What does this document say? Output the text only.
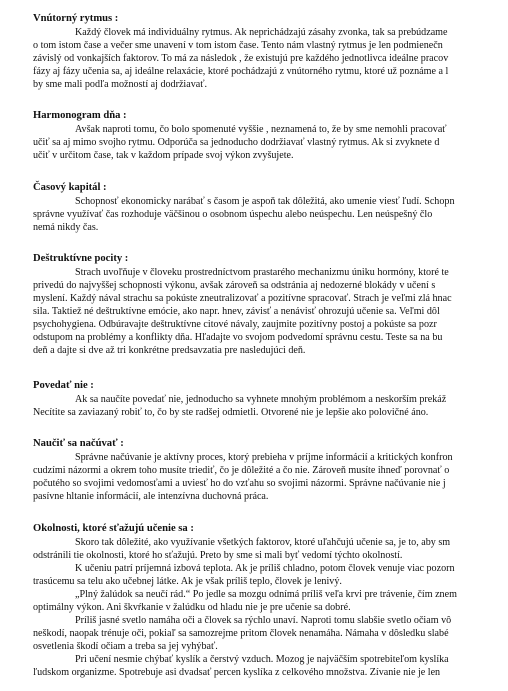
Vnútorný rytmus :

Každý človek má individuálny rytmus. Ak neprichádzajú zásahy zvonka, tak sa prebúdzame

o tom istom čase a večer sme unavení v tom istom čase. Tento nám vlastný rytmus je len podmienečn

závislý od vonkajších faktorov. To má za následok , že existujú pre každého jednotlivca ideálne pracov

fázy aj fázy učenia sa, aj ideálne relaxácie, ktoré pochádzajú z vnútorného rytmu, ktoré už poznáme a l

by sme mali podľa možností aj dodržiavať.

Harmonogram dňa :

Avšak naproti tomu, čo bolo spomenuté vyššie , neznamená to, že by sme nemohli pracovať

učiť sa aj mimo svojho rytmu. Odporúča sa jednoducho dodržiavať vlastný rytmus. Ak si zvyknete d

učiť v určitom čase, tak v každom prípade svoj výkon zvyšujete.

Časový kapitál :

Schopnosť ekonomicky narábať s časom je aspoň tak dôležitá, ako umenie viesť ľudí. Schopn

správne využívať čas rozhoduje väčšinou o osobnom úspechu alebo neúspechu. Len neúspešný člo

nemá nikdy čas.

Deštruktívne pocity :

Strach uvoľňuje v človeku prostredníctvom prastarého mechanizmu úniku hormóny, ktoré te

privedú do najvyššej schopnosti výkonu, avšak zároveň sa odstránia aj nedozerné blokády v učení s

myslení. Každý nával strachu sa pokúste zneutralizovať a pozitívne spracovať. Strach je veľmi zlá hnac

sila. Taktiež né deštruktívne emócie, ako napr. hnev, závisť a nenávisť ohrozujú učenie sa. Veľmi dôl

psychohygiena. Odbúravajte deštruktívne citové návaly, zaujmite pozitívny postoj a pokúste sa pozr

odstupom na problémy a konflikty dňa. Hľadajte vo svojom podvedomí správnu cestu. Teste sa na bu

deň a dajte si dve až tri konkrétne predsavzatia pre nasledujúci deň.

Povedať nie :

Ak sa naučíte povedať nie, jednoducho sa vyhnete mnohým problémom a neskorším prekáž

Necítite sa zaviazaný robiť to, čo by ste radšej odmietli. Otvorené nie je lepšie ako polovičné áno.

Naučiť sa načúvať :

Správne načúvanie je aktívny proces, ktorý prebieha v príjme informácií a kritických konfron

cudzími názormi a okrem toho musíte triediť, čo je dôležité a čo nie. Zároveň musíte ihneď porovnať o

počutého so svojimi vedomosťami a uviesť ho do vzťahu so svojimi názormi. Správne načúvanie nie j

pasívne hltanie informácií, ale intenzívna duchovná práca.

Okolnosti, ktoré sťažujú učenie sa :

Skoro tak dôležité, ako využívanie všetkých faktorov, ktoré uľahčujú učenie sa, je to, aby sm

odstránili tie okolnosti, ktoré ho sťažujú. Preto by sme si mali byť vedomí týchto okolností.

K učeniu patrí príjemná izbová teplota. Ak je príliš chladno, potom človek venuje viac pozorn

trasúcemu sa telu ako učebnej látke. Ak je však príliš teplo, človek je lenivý.

„Plný žalúdok sa neučí rád.“ Po jedle sa mozgu odnímá príliš veľa krvi pre trávenie, čím znem

optimálny výkon. Ani škvŕkanie v žalúdku od hladu nie je pre učenie sa dobré.

Príliš jasné svetlo namáha oči a človek sa rýchlo unaví. Naproti tomu slabšie svetlo očiam vô

neškodí, naopak trénuje oči, pokiaľ sa samozrejme pritom človek nenamáha. Námaha v dôsledku slabé

osvetlenia škodí očiam a treba sa jej vyhýbať.

Pri učení nesmie chýbať kyslík a čerstvý vzduch. Mozog je najväčším spotrebiteľom kyslíka

ľudskom organizme. Spotrebuje asi dvadsať percen kyslíka z celkového množstva. Zívanie nie je len
